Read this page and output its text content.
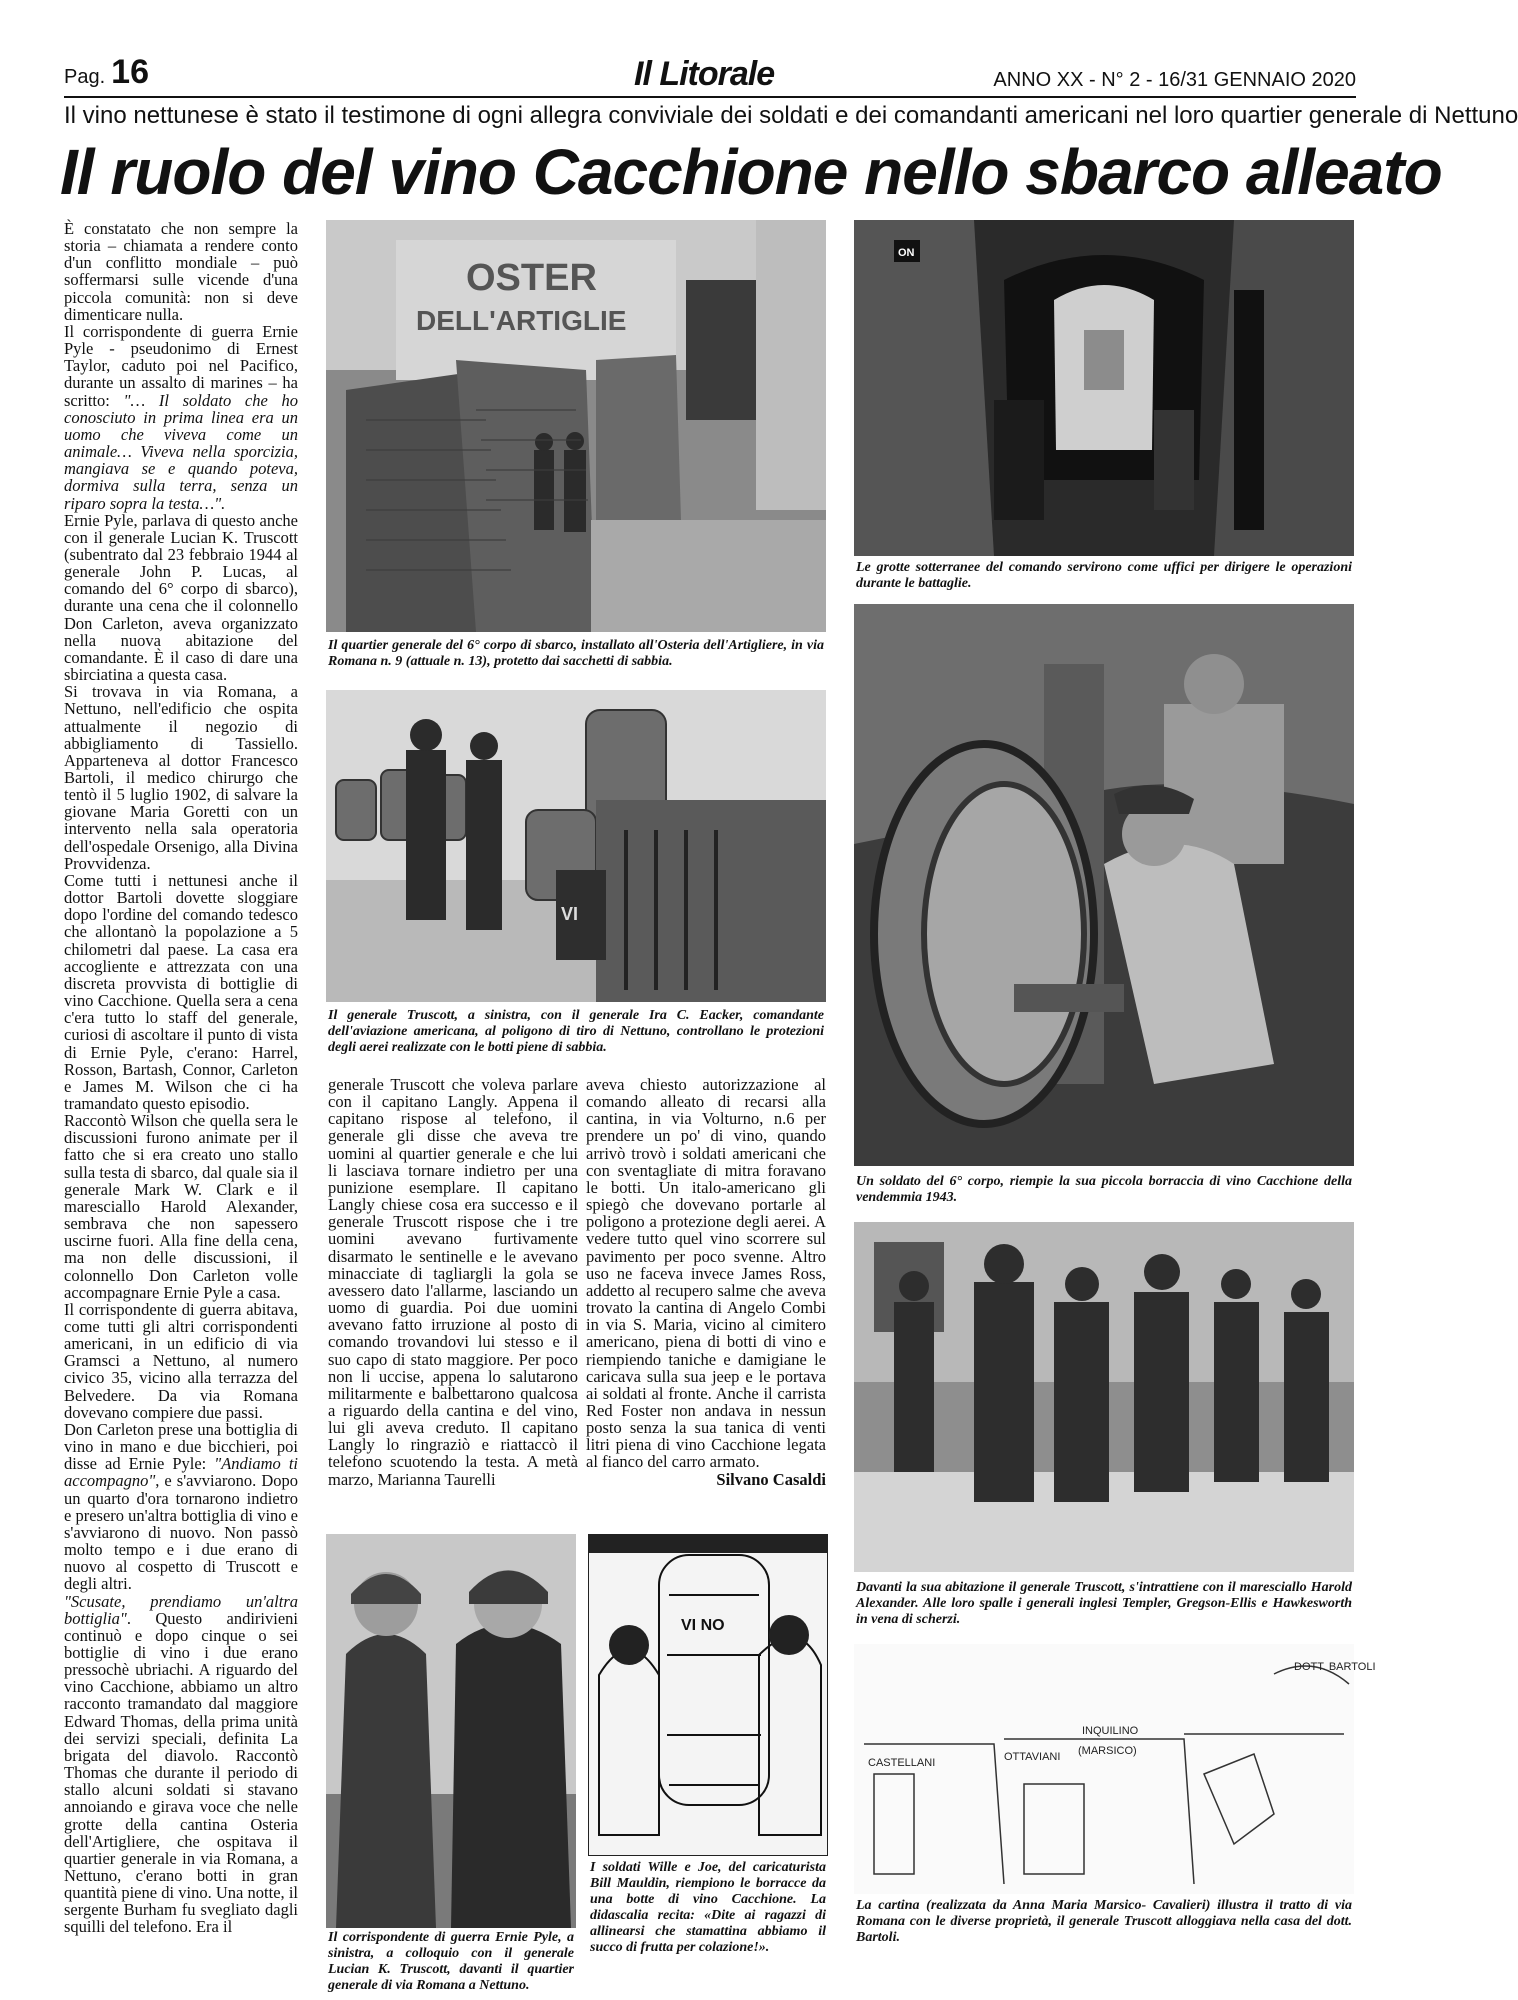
Pag. 16	Il Litorale	ANNO XX - N° 2 - 16/31 GENNAIO 2020
Il vino nettunese è stato il testimone di ogni allegra conviviale dei soldati e dei comandanti americani nel loro quartier generale di Nettuno
Il ruolo del vino Cacchione nello sbarco alleato

È constatato che non sempre la storia – chiamata a rendere conto d'un conflitto mondiale – può soffermarsi sulle vicende d'una piccola comunità: non si deve dimenticare nulla.

Il corrispondente di guerra Ernie Pyle - pseudonimo di Ernest Taylor, caduto poi nel Pacifico, durante un assalto di marines – ha scritto: "… Il soldato che ho conosciuto in prima linea era un uomo che viveva come un animale… Viveva nella sporcizia, mangiava se e quando poteva, dormiva sulla terra, senza un riparo sopra la testa…".

Ernie Pyle, parlava di questo anche con il generale Lucian K. Truscott (subentrato dal 23 febbraio 1944 al generale John P. Lucas, al comando del 6° corpo di sbarco), durante una cena che il colonnello Don Carleton, aveva organizzato nella nuova abitazione del comandante. È il caso di dare una sbirciatina a questa casa.

Si trovava in via Romana, a Nettuno, nell'edificio che ospita attualmente il negozio di abbigliamento di Tassiello. Apparteneva al dottor Francesco Bartoli, il medico chirurgo che tentò il 5 luglio 1902, di salvare la giovane Maria Goretti con un intervento nella sala operatoria dell'ospedale Orsenigo, alla Divina Provvidenza.

Come tutti i nettunesi anche il dottor Bartoli dovette sloggiare dopo l'ordine del comando tedesco che allontanò la popolazione a 5 chilometri dal paese. La casa era accogliente e attrezzata con una discreta provvista di bottiglie di vino Cacchione. Quella sera a cena c'era tutto lo staff del generale, curiosi di ascoltare il punto di vista di Ernie Pyle, c'erano: Harrel, Rosson, Bartash, Connor, Carleton e James M. Wilson che ci ha tramandato questo episodio.

Raccontò Wilson che quella sera le discussioni furono animate per il fatto che si era creato uno stallo sulla testa di sbarco, dal quale sia il generale Mark W. Clark e il maresciallo Harold Alexander, sembrava che non sapessero uscirne fuori. Alla fine della cena, ma non delle discussioni, il colonnello Don Carleton volle accompagnare Ernie Pyle a casa.

Il corrispondente di guerra abitava, come tutti gli altri corrispondenti americani, in un edificio di via Gramsci a Nettuno, al numero civico 35, vicino alla terrazza del Belvedere. Da via Romana dovevano compiere due passi.

Don Carleton prese una bottiglia di vino in mano e due bicchieri, poi disse ad Ernie Pyle: "Andiamo ti accompagno", e s'avviarono. Dopo un quarto d'ora tornarono indietro e presero un'altra bottiglia di vino e s'avviarono di nuovo. Non passò molto tempo e i due erano di nuovo al cospetto di Truscott e degli altri.

"Scusate, prendiamo un'altra bottiglia". Questo andirivieni continuò e dopo cinque o sei bottiglie di vino i due erano pressochè ubriachi. A riguardo del vino Cacchione, abbiamo un altro racconto tramandato dal maggiore Edward Thomas, della prima unità dei servizi speciali, definita La brigata del diavolo. Raccontò Thomas che durante il periodo di stallo alcuni soldati si stavano annoiando e girava voce che nelle grotte della cantina Osteria dell'Artigliere, che ospitava il quartier generale in via Romana, a Nettuno, c'erano botti in gran quantità piene di vino. Una notte, il sergente Burham fu svegliato dagli squilli del telefono. Era il

generale Truscott che voleva parlare con il capitano Langly. Appena il capitano rispose al telefono, il generale gli disse che aveva tre uomini al quartier generale e che lui li lasciava tornare indietro per una punizione esemplare. Il capitano Langly chiese cosa era successo e il generale Truscott rispose che i tre uomini avevano furtivamente disarmato le sentinelle e le avevano minacciate di tagliargli la gola se avessero dato l'allarme, lasciando un uomo di guardia. Poi due uomini avevano fatto irruzione al posto di comando trovandovi lui stesso e il suo capo di stato maggiore. Per poco non li uccise, appena lo salutarono militarmente e balbettarono qualcosa a riguardo della cantina e del vino, lui gli aveva creduto. Il capitano Langly lo ringraziò e riattaccò il telefono scuotendo la testa. A metà marzo, Marianna Taurelli

aveva chiesto autorizzazione al comando alleato di recarsi alla cantina, in via Volturno, n.6 per prendere un po' di vino, quando arrivò trovò i soldati americani che con sventagliate di mitra foravano le botti. Un italo-americano gli spiegò che dovevano portarle al poligono a protezione degli aerei. A vedere tutto quel vino scorrere sul pavimento per poco svenne. Altro uso ne faceva invece James Ross, addetto al recupero salme che aveva trovato la cantina di Angelo Combi in via S. Maria, vicino al cimitero americano, piena di botti di vino e riempiendo taniche e damigiane le caricava sulla sua jeep e le portava ai soldati al fronte. Anche il carrista Red Foster non andava in nessun posto senza la sua tanica di venti litri piena di vino Cacchione legata al fianco del carro armato.

Silvano Casaldi

OSTER
DELL'ARTIGLIE
Il quartier generale del 6° corpo di sbarco, installato all'Osteria dell'Artigliere, in via Romana n. 9 (attuale n. 13), protetto dai sacchetti di sabbia.
ON
Le grotte sotterranee del comando servirono come uffici per dirigere le operazioni durante le battaglie.
VI
Il generale Truscott, a sinistra, con il generale Ira C. Eacker, comandante dell'aviazione americana, al poligono di tiro di Nettuno, controllano le protezioni degli aerei realizzate con le botti piene di sabbia.
Un soldato del 6° corpo, riempie la sua piccola borraccia di vino Cacchione della vendemmia 1943.
Davanti la sua abitazione il generale Truscott, s'intrattiene con il maresciallo Harold Alexander. Alle loro spalle i generali inglesi Templer, Gregson-Ellis e Hawkesworth in vena di scherzi.
Il corrispondente di guerra Ernie Pyle, a sinistra, a colloquio con il generale Lucian K. Truscott, davanti il quartier generale di via Romana a Nettuno.
VI NO
I soldati Wille e Joe, del caricaturista Bill Mauldin, riempiono le borracce da una botte di vino Cacchione. La didascalia recita: «Dite ai ragazzi di allinearsi che stamattina abbiamo il succo di frutta per colazione!».
DOTT. BARTOLI
CASTELLANI
INQUILINO
(MARSICO)
OTTAVIANI
La cartina (realizzata da Anna Maria Marsico- Cavalieri) illustra il tratto di via Romana con le diverse proprietà, il generale Truscott alloggiava nella casa del dott. Bartoli.
